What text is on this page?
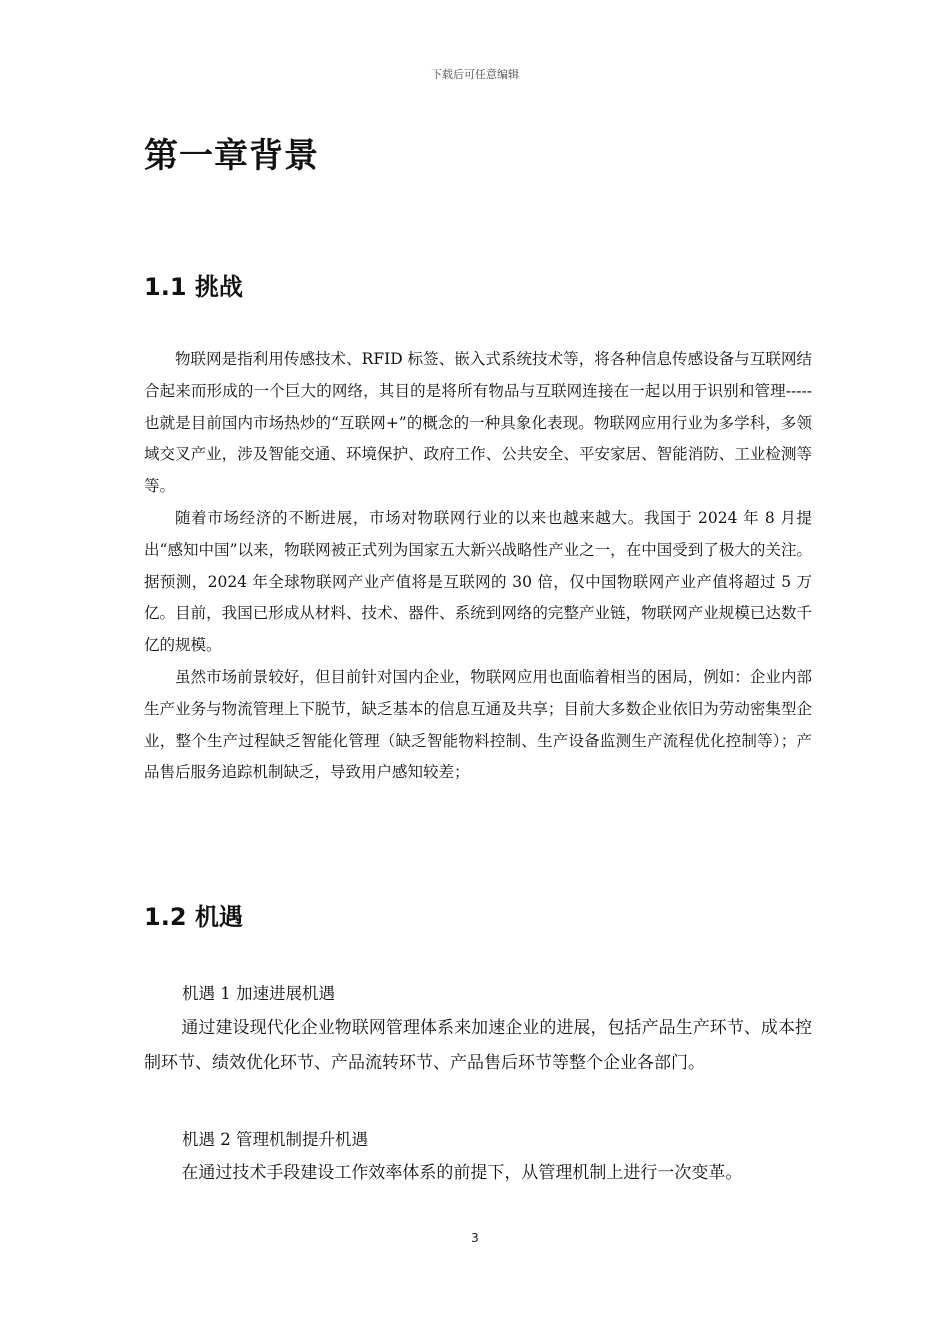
下载后可任意编辑
第一章背景
1.1 挑战

物联网是指利用传感技术、RFID 标签、嵌入式系统技术等，将各种信息传感设备与互联网结合起来而形成的一个巨大的网络，其目的是将所有物品与互联网连接在一起以用于识别和管理-----也就是目前国内市场热炒的“互联网+”的概念的一种具象化表现。物联网应用行业为多学科，多领域交叉产业，涉及智能交通、环境保护、政府工作、公共安全、平安家居、智能消防、工业检测等等。

随着市场经济的不断进展，市场对物联网行业的以来也越来越大。我国于 2024 年 8 月提出“感知中国”以来，物联网被正式列为国家五大新兴战略性产业之一，在中国受到了极大的关注。据预测，2024 年全球物联网产业产值将是互联网的 30 倍，仅中国物联网产业产值将超过 5 万亿。目前，我国已形成从材料、技术、器件、系统到网络的完整产业链，物联网产业规模已达数千亿的规模。

虽然市场前景较好，但目前针对国内企业，物联网应用也面临着相当的困局，例如：企业内部生产业务与物流管理上下脱节，缺乏基本的信息互通及共享；目前大多数企业依旧为劳动密集型企业，整个生产过程缺乏智能化管理（缺乏智能物料控制、生产设备监测生产流程优化控制等）；产品售后服务追踪机制缺乏，导致用户感知较差；

1.2 机遇
机遇 1 加速进展机遇

通过建设现代化企业物联网管理体系来加速企业的进展，包括产品生产环节、成本控制环节、绩效优化环节、产品流转环节、产品售后环节等整个企业各部门。

机遇 2 管理机制提升机遇

在通过技术手段建设工作效率体系的前提下，从管理机制上进行一次变革。

3
